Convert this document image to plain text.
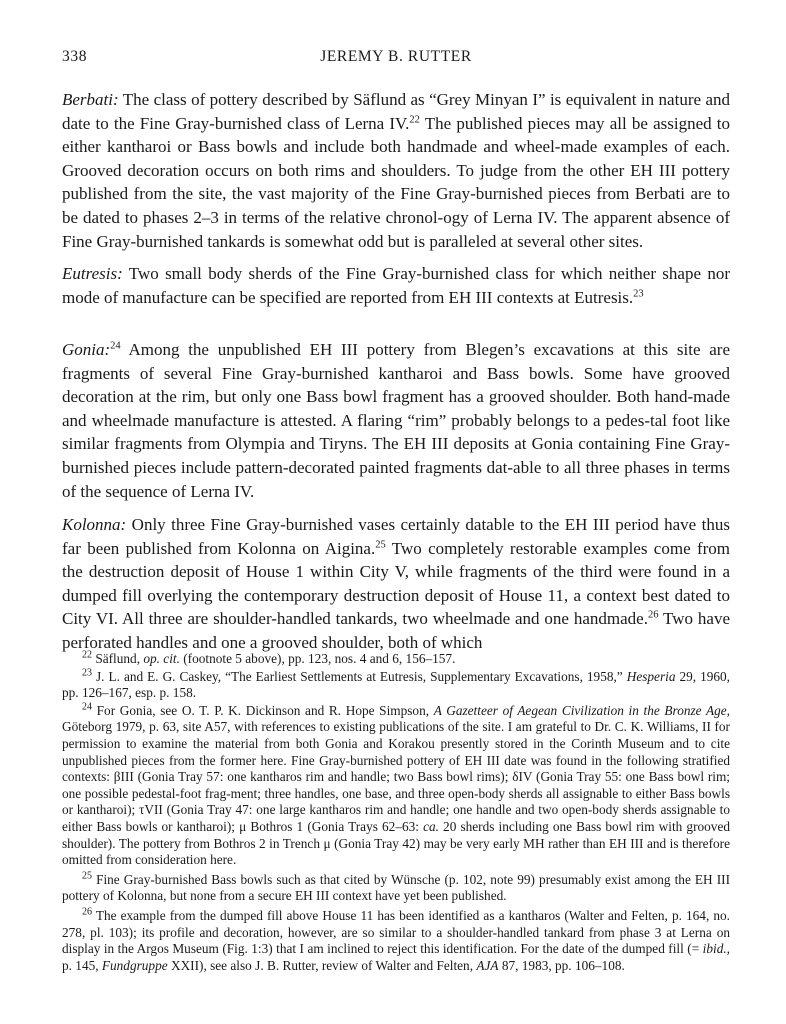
338	JEREMY B. RUTTER

Berbati: The class of pottery described by Säflund as “Grey Minyan I” is equivalent in nature and date to the Fine Gray-burnished class of Lerna IV.$^{22}$ The published pieces may all be assigned to either kantharoi or Bass bowls and include both handmade and wheel-made examples of each. Grooved decoration occurs on both rims and shoulders. To judge from the other EH III pottery published from the site, the vast majority of the Fine Gray-burnished pieces from Berbati are to be dated to phases 2–3 in terms of the relative chronol-ogy of Lerna IV. The apparent absence of Fine Gray-burnished tankards is somewhat odd but is paralleled at several other sites.

Eutresis: Two small body sherds of the Fine Gray-burnished class for which neither shape nor mode of manufacture can be specified are reported from EH III contexts at Eutresis.$^{23}$

Gonia:$^{24}$ Among the unpublished EH III pottery from Blegen’s excavations at this site are fragments of several Fine Gray-burnished kantharoi and Bass bowls. Some have grooved decoration at the rim, but only one Bass bowl fragment has a grooved shoulder. Both hand-made and wheelmade manufacture is attested. A flaring “rim” probably belongs to a pedes-tal foot like similar fragments from Olympia and Tiryns. The EH III deposits at Gonia containing Fine Gray-burnished pieces include pattern-decorated painted fragments dat-able to all three phases in terms of the sequence of Lerna IV.

Kolonna: Only three Fine Gray-burnished vases certainly datable to the EH III period have thus far been published from Kolonna on Aigina.$^{25}$ Two completely restorable examples come from the destruction deposit of House 1 within City V, while fragments of the third were found in a dumped fill overlying the contemporary destruction deposit of House 11, a context best dated to City VI. All three are shoulder-handled tankards, two wheelmade and one handmade.$^{26}$ Two have perforated handles and one a grooved shoulder, both of which

$^{22}$ Säflund, op. cit. (footnote 5 above), pp. 123, nos. 4 and 6, 156–157.

$^{23}$ J. L. and E. G. Caskey, “The Earliest Settlements at Eutresis, Supplementary Excavations, 1958,” Hesperia 29, 1960, pp. 126–167, esp. p. 158.

$^{24}$ For Gonia, see O. T. P. K. Dickinson and R. Hope Simpson, A Gazetteer of Aegean Civilization in the Bronze Age, Göteborg 1979, p. 63, site A57, with references to existing publications of the site. I am grateful to Dr. C. K. Williams, II for permission to examine the material from both Gonia and Korakou presently stored in the Corinth Museum and to cite unpublished pieces from the former here. Fine Gray-burnished pottery of EH III date was found in the following stratified contexts: βIII (Gonia Tray 57: one kantharos rim and handle; two Bass bowl rims); δIV (Gonia Tray 55: one Bass bowl rim; one possible pedestal-foot frag-ment; three handles, one base, and three open-body sherds all assignable to either Bass bowls or kantharoi); τVII (Gonia Tray 47: one large kantharos rim and handle; one handle and two open-body sherds assignable to either Bass bowls or kantharoi); μ Bothros 1 (Gonia Trays 62–63: ca. 20 sherds including one Bass bowl rim with grooved shoulder). The pottery from Bothros 2 in Trench μ (Gonia Tray 42) may be very early MH rather than EH III and is therefore omitted from consideration here.

$^{25}$ Fine Gray-burnished Bass bowls such as that cited by Wünsche (p. 102, note 99) presumably exist among the EH III pottery of Kolonna, but none from a secure EH III context have yet been published.

$^{26}$ The example from the dumped fill above House 11 has been identified as a kantharos (Walter and Felten, p. 164, no. 278, pl. 103); its profile and decoration, however, are so similar to a shoulder-handled tankard from phase 3 at Lerna on display in the Argos Museum (Fig. 1:3) that I am inclined to reject this identification. For the date of the dumped fill (= ibid., p. 145, Fundgruppe XXII), see also J. B. Rutter, review of Walter and Felten, AJA 87, 1983, pp. 106–108.
